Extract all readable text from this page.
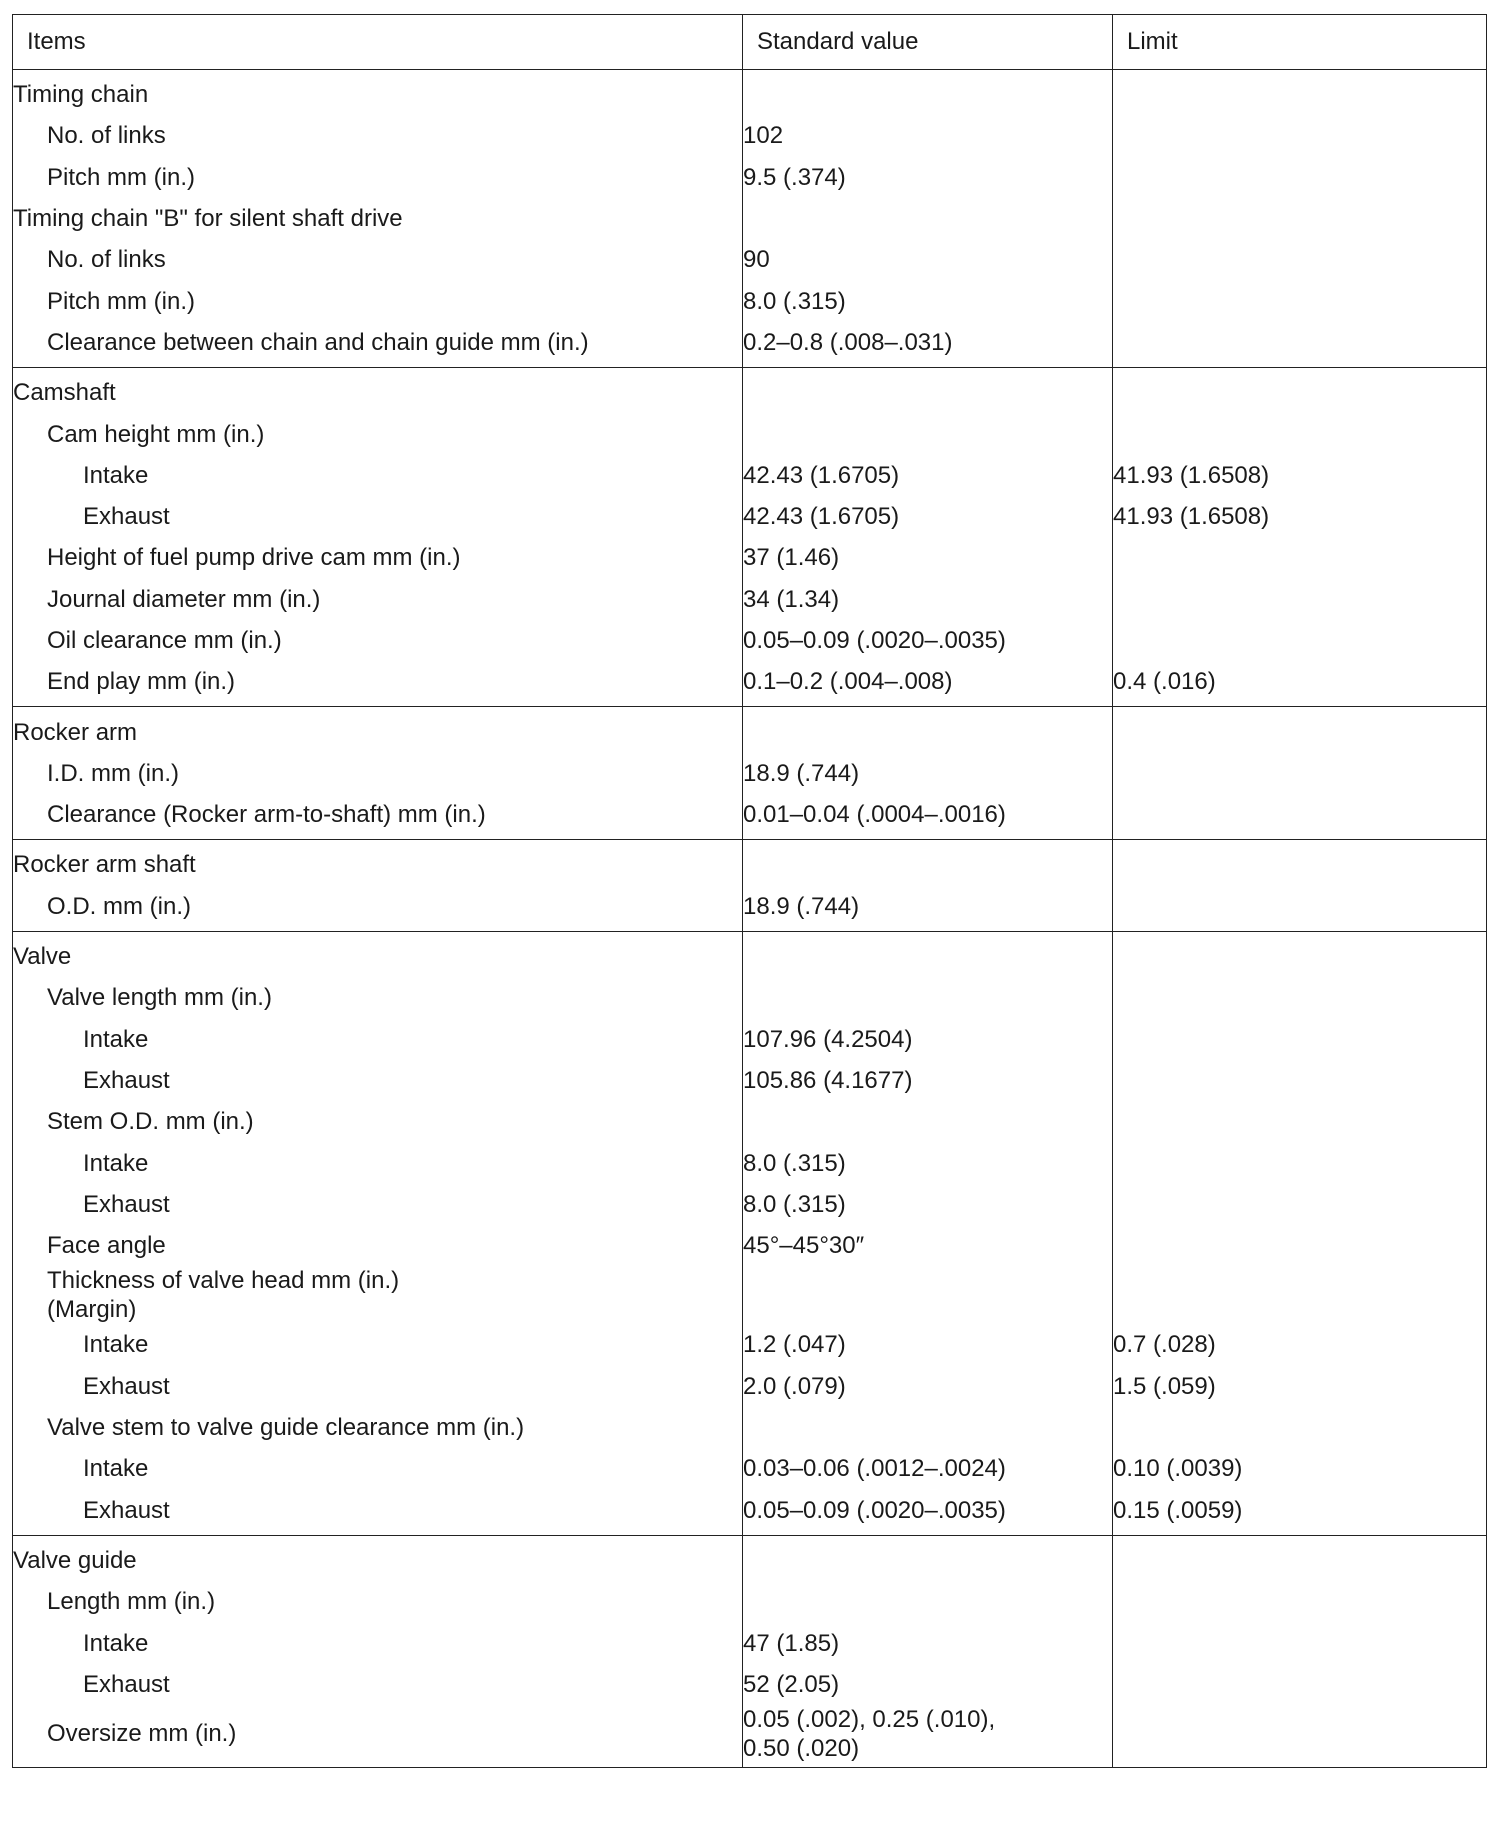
Items	Standard value	Limit
Timing chain		
No. of links	102	
Pitch mm (in.)	9.5 (.374)	
Timing chain "B" for silent shaft drive		
No. of links	90	
Pitch mm (in.)	8.0 (.315)	
Clearance between chain and chain guide mm (in.)	0.2–0.8 (.008–.031)	
Camshaft		
Cam height mm (in.)		
Intake	42.43 (1.6705)	41.93 (1.6508)
Exhaust	42.43 (1.6705)	41.93 (1.6508)
Height of fuel pump drive cam mm (in.)	37 (1.46)	
Journal diameter mm (in.)	34 (1.34)	
Oil clearance mm (in.)	0.05–0.09 (.0020–.0035)	
End play mm (in.)	0.1–0.2 (.004–.008)	0.4 (.016)
Rocker arm		
I.D. mm (in.)	18.9 (.744)	
Clearance (Rocker arm-to-shaft) mm (in.)	0.01–0.04 (.0004–.0016)	
Rocker arm shaft		
O.D. mm (in.)	18.9 (.744)	
Valve		
Valve length mm (in.)		
Intake	107.96 (4.2504)	
Exhaust	105.86 (4.1677)	
Stem O.D. mm (in.)		
Intake	8.0 (.315)	
Exhaust	8.0 (.315)	
Face angle	45°–45°30″	
Thickness of valve head mm (in.)
(Margin)		
Intake	1.2 (.047)	0.7 (.028)
Exhaust	2.0 (.079)	1.5 (.059)
Valve stem to valve guide clearance mm (in.)		
Intake	0.03–0.06 (.0012–.0024)	0.10 (.0039)
Exhaust	0.05–0.09 (.0020–.0035)	0.15 (.0059)
Valve guide		
Length mm (in.)		
Intake	47 (1.85)	
Exhaust	52 (2.05)	
Oversize mm (in.)	0.05 (.002), 0.25 (.010),
0.50 (.020)	
